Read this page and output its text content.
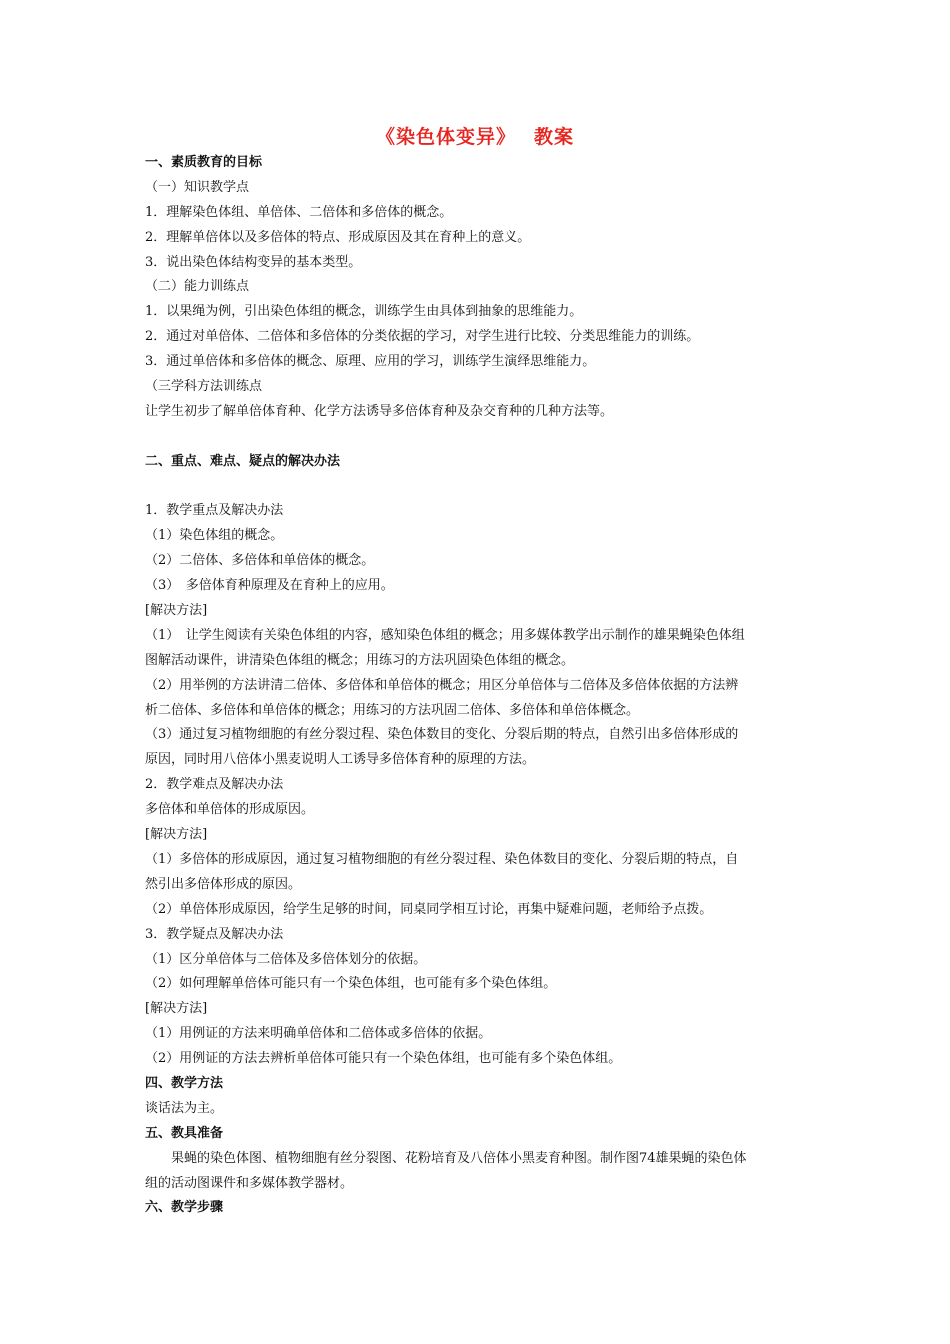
《染色体变异》　 教案
一、素质教育的目标
（一）知识教学点
1．理解染色体组、单倍体、二倍体和多倍体的概念。
2．理解单倍体以及多倍体的特点、形成原因及其在育种上的意义。
3．说出染色体结构变异的基本类型。
（二）能力训练点
1．以果绳为例，引出染色体组的概念，训练学生由具体到抽象的思维能力。
2．通过对单倍体、二倍体和多倍体的分类依据的学习，对学生进行比较、分类思维能力的训练。
3．通过单倍体和多倍体的概念、原理、应用的学习，训练学生演绎思维能力。
（三学科方法训练点
让学生初步了解单倍体育种、化学方法诱导多倍体育种及杂交育种的几种方法等。
二、重点、难点、疑点的解决办法
1．教学重点及解决办法
（1）染色体组的概念。
（2）二倍体、多倍体和单倍体的概念。
（3）　多倍体育种原理及在育种上的应用。
[解决方法]
（1）　让学生阅读有关染色体组的内容，感知染色体组的概念；用多媒体教学出示制作的雄果蝇染色体组
图解活动课件，讲清染色体组的概念；用练习的方法巩固染色体组的概念。
（2）用举例的方法讲清二倍体、多倍体和单倍体的概念；用区分单倍体与二倍体及多倍体依据的方法辨
析二倍体、多倍体和单倍体的概念；用练习的方法巩固二倍体、多倍体和单倍体概念。
（3）通过复习植物细胞的有丝分裂过程、染色体数目的变化、分裂后期的特点，自然引出多倍体形成的
原因，同时用八倍体小黑麦说明人工诱导多倍体育种的原理的方法。
2．教学难点及解决办法
多倍体和单倍体的形成原因。
[解决方法]
（1）多倍体的形成原因，通过复习植物细胞的有丝分裂过程、染色体数目的变化、分裂后期的特点，自
然引出多倍体形成的原因。
（2）单倍体形成原因，给学生足够的时间，同桌同学相互讨论，再集中疑难问题，老师给予点拨。
3．教学疑点及解决办法
（1）区分单倍体与二倍体及多倍体划分的依据。
（2）如何理解单倍体可能只有一个染色体组，也可能有多个染色体组。
[解决方法]
（1）用例证的方法来明确单倍体和二倍体或多倍体的依据。
（2）用例证的方法去辨析单倍体可能只有一个染色体组，也可能有多个染色体组。
四、教学方法
谈话法为主。
五、教具准备
果蝇的染色体图、植物细胞有丝分裂图、花粉培育及八倍体小黑麦育种图。制作图74雄果蝇的染色体
组的活动图课件和多媒体教学器材。
六、教学步骤
